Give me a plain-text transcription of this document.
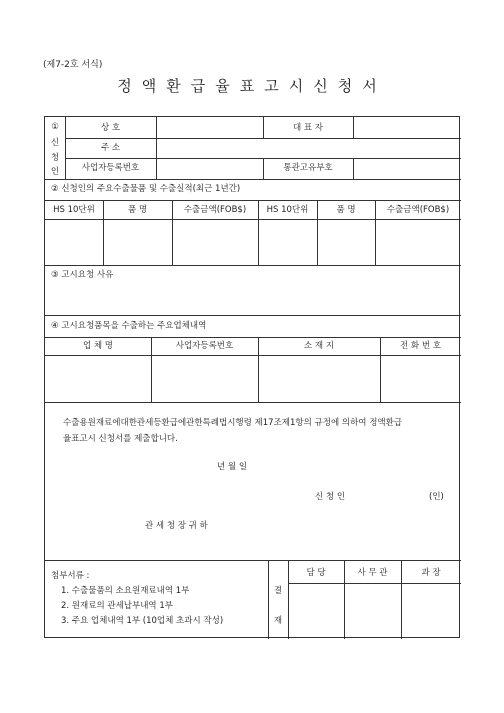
(제7-2호 서식)
정액환급율표고시신청서
①
신
청
인
상 호	대 표 자
주 소
사업자등록번호	통관고유부호
② 신청인의 주요수출물품 및 수출실적(최근 1년간)
HS 10단위	품 명	수출금액(FOB$)	HS 10단위	품 명	수출금액(FOB$)
③ 고시요청 사유
④ 고시요청품목을 수출하는 주요업체내역
업 체 명	사업자등록번호	소 재 지	전 화 번 호
수출용원재료에대한관세등환급에관한특례법시행령 제17조제1항의 규정에 의하여 정액환급
율표고시 신청서를 제출합니다.
년 월 일
신 청 인	(인)
관 세 청 장 귀 하
첨부서류 :
1. 수출물품의 소요원재료내역 1부
2. 원재료의 관세납부내역 1부
3. 주요 업체내역 1부 (10업체 초과시 작성)
결
재
담 당	사 무 관	과 장
